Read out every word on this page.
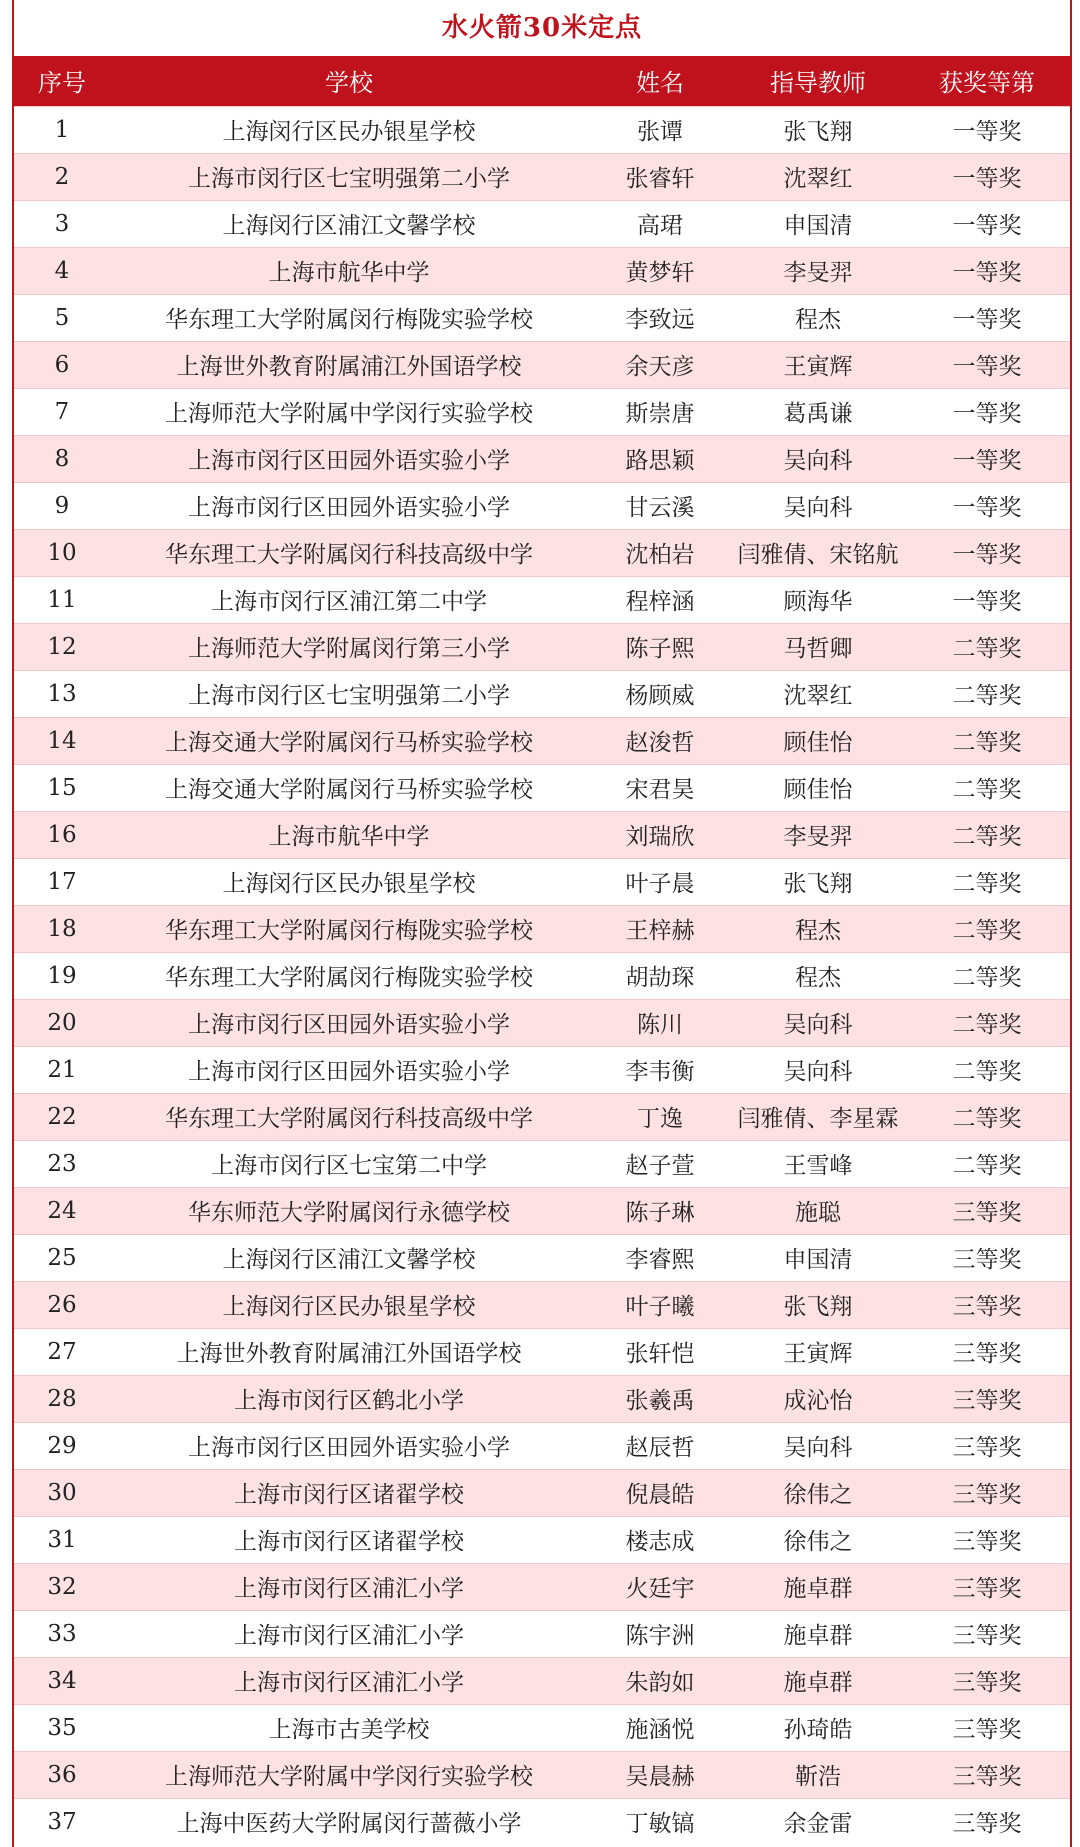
水火箭30米定点
序号	学校	姓名	指导教师	获奖等第
1	上海闵行区民办银星学校	张谭	张飞翔	一等奖
2	上海市闵行区七宝明强第二小学	张睿轩	沈翠红	一等奖
3	上海闵行区浦江文馨学校	高珺	申国清	一等奖
4	上海市航华中学	黄梦轩	李旻羿	一等奖
5	华东理工大学附属闵行梅陇实验学校	李致远	程杰	一等奖
6	上海世外教育附属浦江外国语学校	余天彦	王寅辉	一等奖
7	上海师范大学附属中学闵行实验学校	斯崇唐	葛禹谦	一等奖
8	上海市闵行区田园外语实验小学	路思颖	吴向科	一等奖
9	上海市闵行区田园外语实验小学	甘云溪	吴向科	一等奖
10	华东理工大学附属闵行科技高级中学	沈柏岩	闫雅倩、宋铭航	一等奖
11	上海市闵行区浦江第二中学	程梓涵	顾海华	一等奖
12	上海师范大学附属闵行第三小学	陈子熙	马哲卿	二等奖
13	上海市闵行区七宝明强第二小学	杨顾威	沈翠红	二等奖
14	上海交通大学附属闵行马桥实验学校	赵浚哲	顾佳怡	二等奖
15	上海交通大学附属闵行马桥实验学校	宋君昊	顾佳怡	二等奖
16	上海市航华中学	刘瑞欣	李旻羿	二等奖
17	上海闵行区民办银星学校	叶子晨	张飞翔	二等奖
18	华东理工大学附属闵行梅陇实验学校	王梓赫	程杰	二等奖
19	华东理工大学附属闵行梅陇实验学校	胡劼琛	程杰	二等奖
20	上海市闵行区田园外语实验小学	陈川	吴向科	二等奖
21	上海市闵行区田园外语实验小学	李韦衡	吴向科	二等奖
22	华东理工大学附属闵行科技高级中学	丁逸	闫雅倩、李星霖	二等奖
23	上海市闵行区七宝第二中学	赵子萱	王雪峰	二等奖
24	华东师范大学附属闵行永德学校	陈子琳	施聪	三等奖
25	上海闵行区浦江文馨学校	李睿熙	申国清	三等奖
26	上海闵行区民办银星学校	叶子曦	张飞翔	三等奖
27	上海世外教育附属浦江外国语学校	张轩恺	王寅辉	三等奖
28	上海市闵行区鹤北小学	张羲禹	成沁怡	三等奖
29	上海市闵行区田园外语实验小学	赵辰哲	吴向科	三等奖
30	上海市闵行区诸翟学校	倪晨皓	徐伟之	三等奖
31	上海市闵行区诸翟学校	楼志成	徐伟之	三等奖
32	上海市闵行区浦汇小学	火廷宇	施卓群	三等奖
33	上海市闵行区浦汇小学	陈宇洲	施卓群	三等奖
34	上海市闵行区浦汇小学	朱韵如	施卓群	三等奖
35	上海市古美学校	施涵悦	孙琦皓	三等奖
36	上海师范大学附属中学闵行实验学校	吴晨赫	靳浩	三等奖
37	上海中医药大学附属闵行蔷薇小学	丁敏镐	余金雷	三等奖
